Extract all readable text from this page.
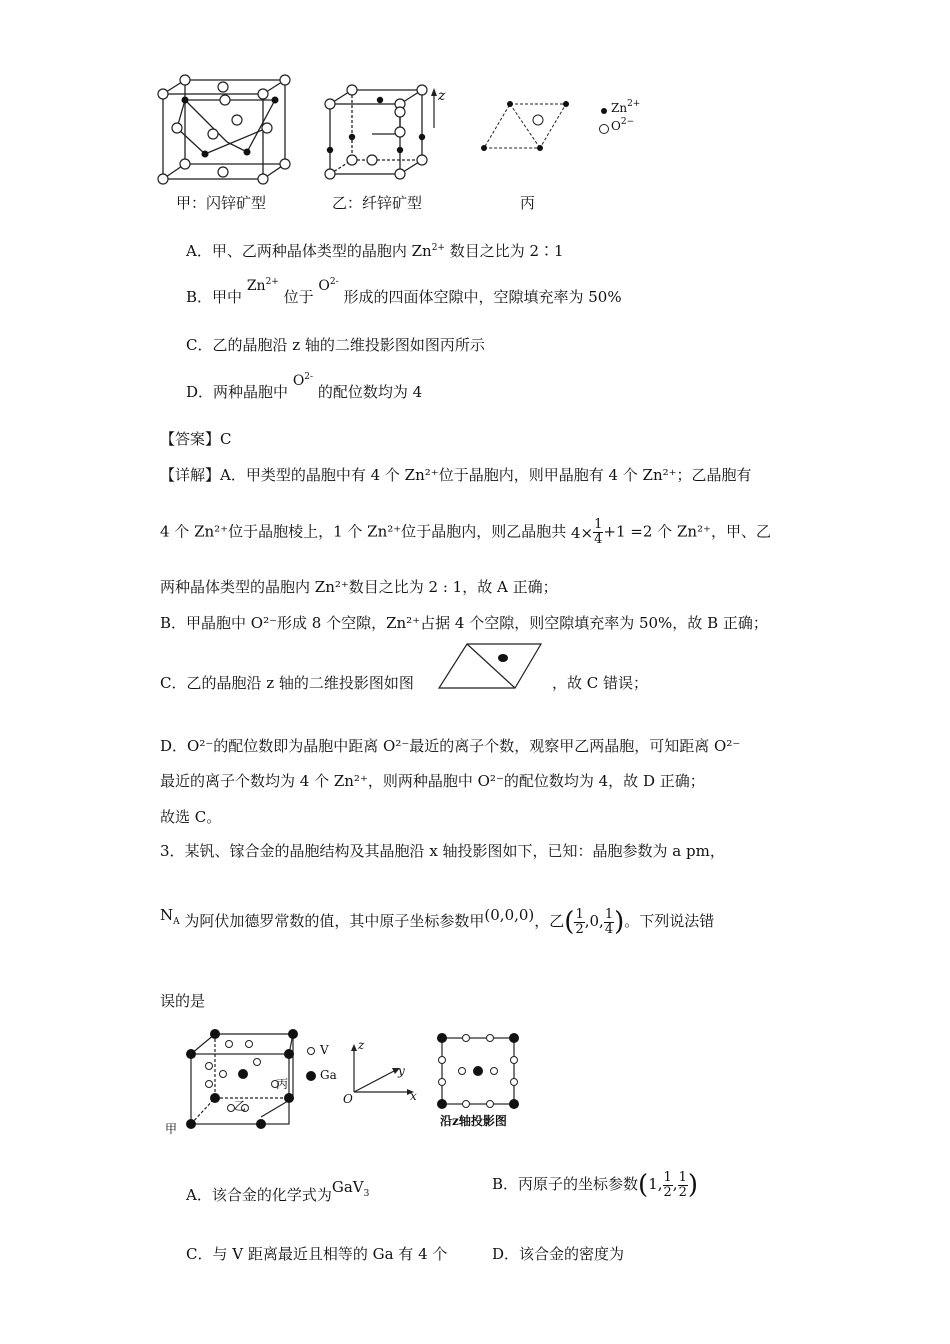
甲：闪锌矿型
z
乙：纤锌矿型	丙
$Zn^{2+}$
$O^{2-}$
A．甲、乙两种晶体类型的晶胞内 $Zn^{2+}$ 数目之比为 2∶1
B．甲中 $Zn^{2+}$ 位于 $O^{2-}$ 形成的四面体空隙中，空隙填充率为 50%
C．乙的晶胞沿 z 轴的二维投影图如图丙所示
D．两种晶胞中 $O^{2-}$ 的配位数均为 4
【答案】C
【详解】A．甲类型的晶胞中有 4 个 Zn²⁺位于晶胞内，则甲晶胞有 4 个 Zn²⁺；乙晶胞有
4 个 Zn²⁺位于晶胞棱上，1 个 Zn²⁺位于晶胞内，则乙晶胞共 $4\times \frac{1}{4} +1 =2$ 个 Zn²⁺，甲、乙
两种晶体类型的晶胞内 Zn²⁺数目之比为 2 : 1，故 A 正确；
B．甲晶胞中 O²⁻形成 8 个空隙，Zn²⁺占据 4 个空隙，则空隙填充率为 50%，故 B 正确；
C．乙的晶胞沿 z 轴的二维投影图如图	，故 C 错误；
D．O²⁻的配位数即为晶胞中距离 O²⁻最近的离子个数，观察甲乙两晶胞，可知距离 O²⁻
最近的离子个数均为 4 个 Zn²⁺，则两种晶胞中 O²⁻的配位数均为 4，故 D 正确；
故选 C。
3．某钒、镓合金的晶胞结构及其晶胞沿 x 轴投影图如下，已知：晶胞参数为 a pm，
$N_A$ 为阿伏加德罗常数的值，其中原子坐标参数甲(0,0,0)，乙( $\frac{1}{2} ,0$, $\frac{1}{4}$ )。下列说法错
误的是
甲
乙
丙
V
Ga
z
y
x
O
沿z轴投影图
A．该合金的化学式为GaV$_3$
B．丙原子的坐标参数(1, $\frac{1}{2}$ , $\frac{1}{2}$ )
C．与 V 距离最近且相等的 Ga 有 4 个	D．该合金的密度为
